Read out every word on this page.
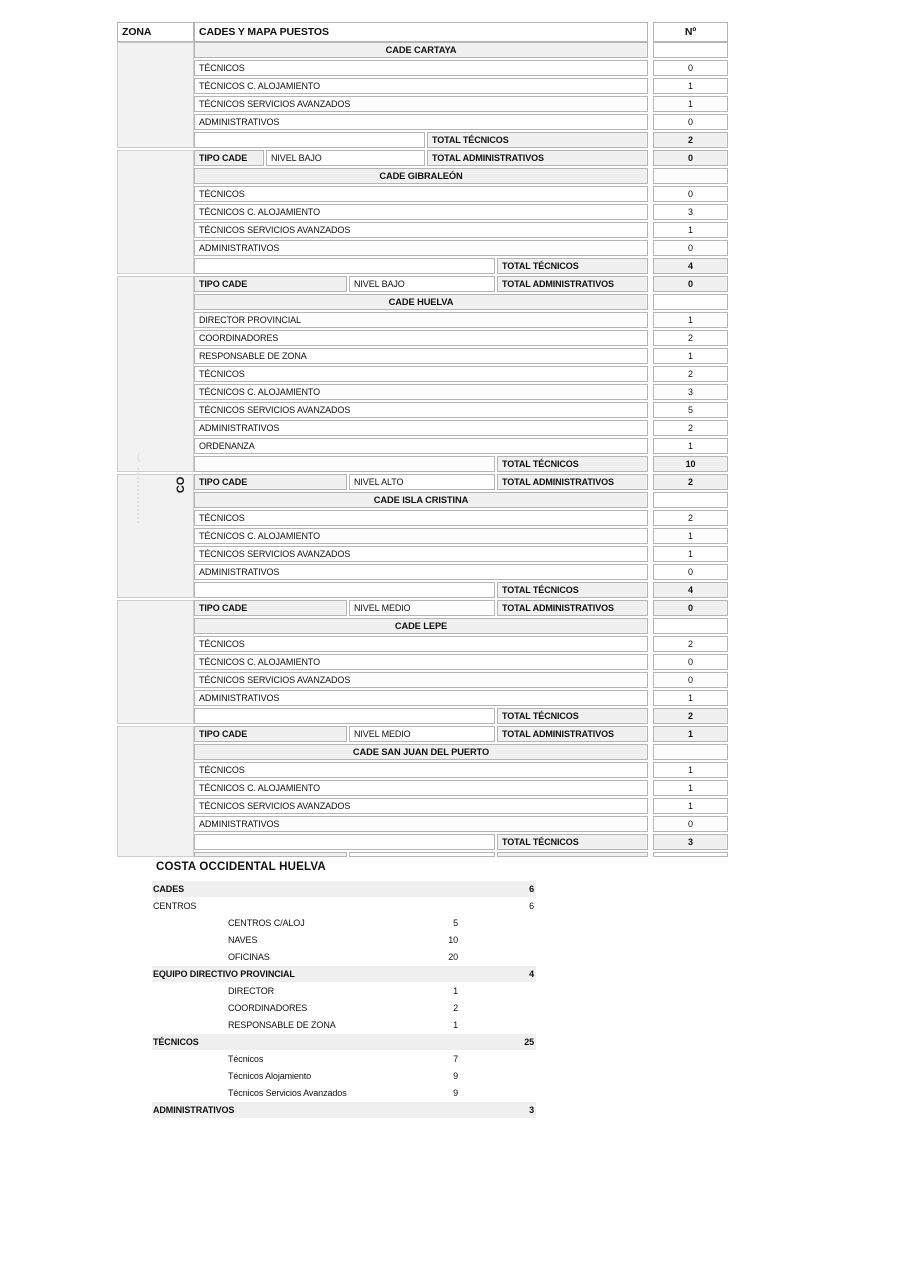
ZONA	CADES Y MAPA PUESTOS	Nº
CADE CARTAYA
TÉCNICOS	0
TÉCNICOS C. ALOJAMIENTO	1
TÉCNICOS SERVICIOS AVANZADOS	1
ADMINISTRATIVOS	0
TOTAL TÉCNICOS	2
TIPO CADE	NIVEL BAJO	TOTAL ADMINISTRATIVOS	0
CADE GIBRALEÓN
TÉCNICOS	0
TÉCNICOS C. ALOJAMIENTO	3
TÉCNICOS SERVICIOS AVANZADOS	1
ADMINISTRATIVOS	0
TOTAL TÉCNICOS	4
TIPO CADE	NIVEL BAJO	TOTAL ADMINISTRATIVOS	0
CADE HUELVA
DIRECTOR PROVINCIAL	1
COORDINADORES	2
RESPONSABLE DE ZONA	1
TÉCNICOS	2
TÉCNICOS C. ALOJAMIENTO	3
TÉCNICOS SERVICIOS AVANZADOS	5
ADMINISTRATIVOS	2
ORDENANZA	1
TOTAL TÉCNICOS	10
TIPO CADE	NIVEL ALTO	TOTAL ADMINISTRATIVOS	2
CADE ISLA CRISTINA
TÉCNICOS	2
TÉCNICOS C. ALOJAMIENTO	1
TÉCNICOS SERVICIOS AVANZADOS	1
ADMINISTRATIVOS	0
TOTAL TÉCNICOS	4
TIPO CADE	NIVEL MEDIO	TOTAL ADMINISTRATIVOS	0
CADE LEPE
TÉCNICOS	2
TÉCNICOS C. ALOJAMIENTO	0
TÉCNICOS SERVICIOS AVANZADOS	0
ADMINISTRATIVOS	1
TOTAL TÉCNICOS	2
TIPO CADE	NIVEL MEDIO	TOTAL ADMINISTRATIVOS	1
CADE SAN JUAN DEL PUERTO
TÉCNICOS	1
TÉCNICOS C. ALOJAMIENTO	1
TÉCNICOS SERVICIOS AVANZADOS	1
ADMINISTRATIVOS	0
TOTAL TÉCNICOS	3
CO
(
COSTA OCCIDENTAL HUELVA
CADES	6
CENTROS	6
CENTROS C/ALOJ	5
NAVES	10
OFICINAS	20
EQUIPO DIRECTIVO PROVINCIAL	4
DIRECTOR	1
COORDINADORES	2
RESPONSABLE DE ZONA	1
TÉCNICOS	25
Técnicos	7
Técnicos Alojamiento	9
Técnicos Servicios Avanzados	9
ADMINISTRATIVOS	3
